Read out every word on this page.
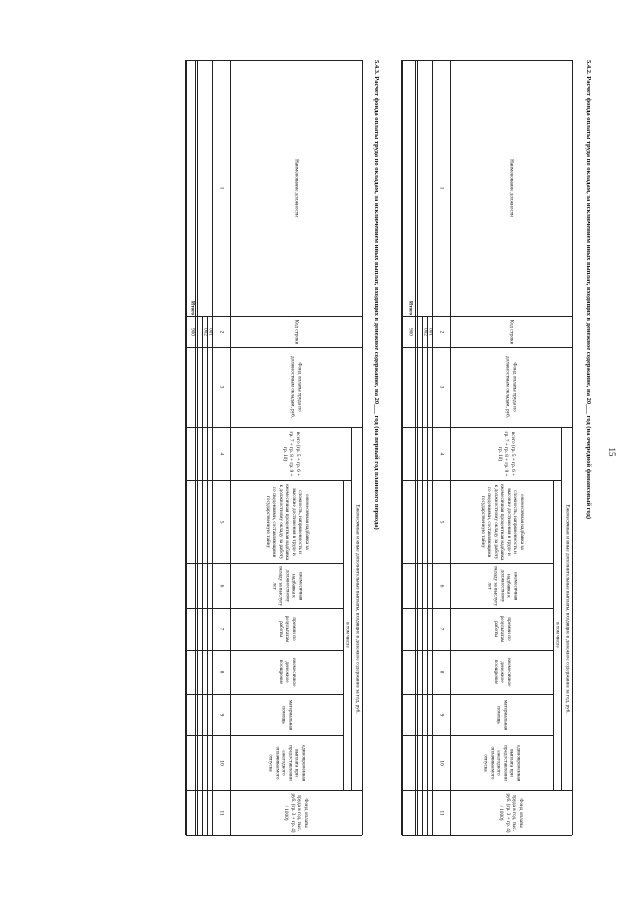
15
5.4.2. Расчет фонда оплаты труда по окладам, за исключением иных выплат, входящих в денежное содержание, на 20___ год (на очередной финансовый год)
Ежемесячные и иные дополнительные выплаты, входящие в денежное содержание за год, руб.
в том числе
Наименование должности
1
Код строки
2
Фонд оплаты труда по должностным окладам, руб.
3
всего (гр. 5 + гр. 6 + гр. 7 + гр. 8 + гр. 9 + гр. 10)
4
ежемесячная надбавка за сложность, напряженность и высокие достижения в труде и ежемесячная процентная надбавка к должностному окладу за работу со сведениями, составляющими государственную тайну
5
ежемесячная надбавка к должностному окладу за выслугу лет
6
премии по результатам работы
7
ежемесячное денежное поощрение
8
материальная помощь
9
единовременная выплата при предоставлении ежегодного оплачиваемого отпуска
10
Фонд оплаты труда в год, тыс. руб. (гр. 3 + гр. 4) / 1000)
11
001
002
900
Итого
5.4.3. Расчет фонда оплаты труда по окладам, за исключением иных выплат, входящих в денежное содержание, на 20___ год (на первый год планового периода)
Ежемесячные и иные дополнительные выплаты, входящие в денежное содержание за год, руб.
в том числе
Наименование должности
1
Код строки
2
Фонд оплаты труда по должностным окладам, руб.
3
всего (гр. 5 + гр. 6 + гр. 7 + гр. 8 + гр. 9 + гр. 10)
4
ежемесячная надбавка за сложность, напряженность и высокие достижения в труде и ежемесячная процентная надбавка к должностному окладу за работу со сведениями, составляющими государственную тайну
5
ежемесячная надбавка к должностному окладу за выслугу лет
6
премии по результатам работы
7
ежемесячное денежное поощрение
8
материальная помощь
9
единовременная выплата при предоставлении ежегодного оплачиваемого отпуска
10
Фонд оплаты труда в год, тыс. руб. (гр. 3 + гр. 4) / 1000)
11
001
002
900
Итого
